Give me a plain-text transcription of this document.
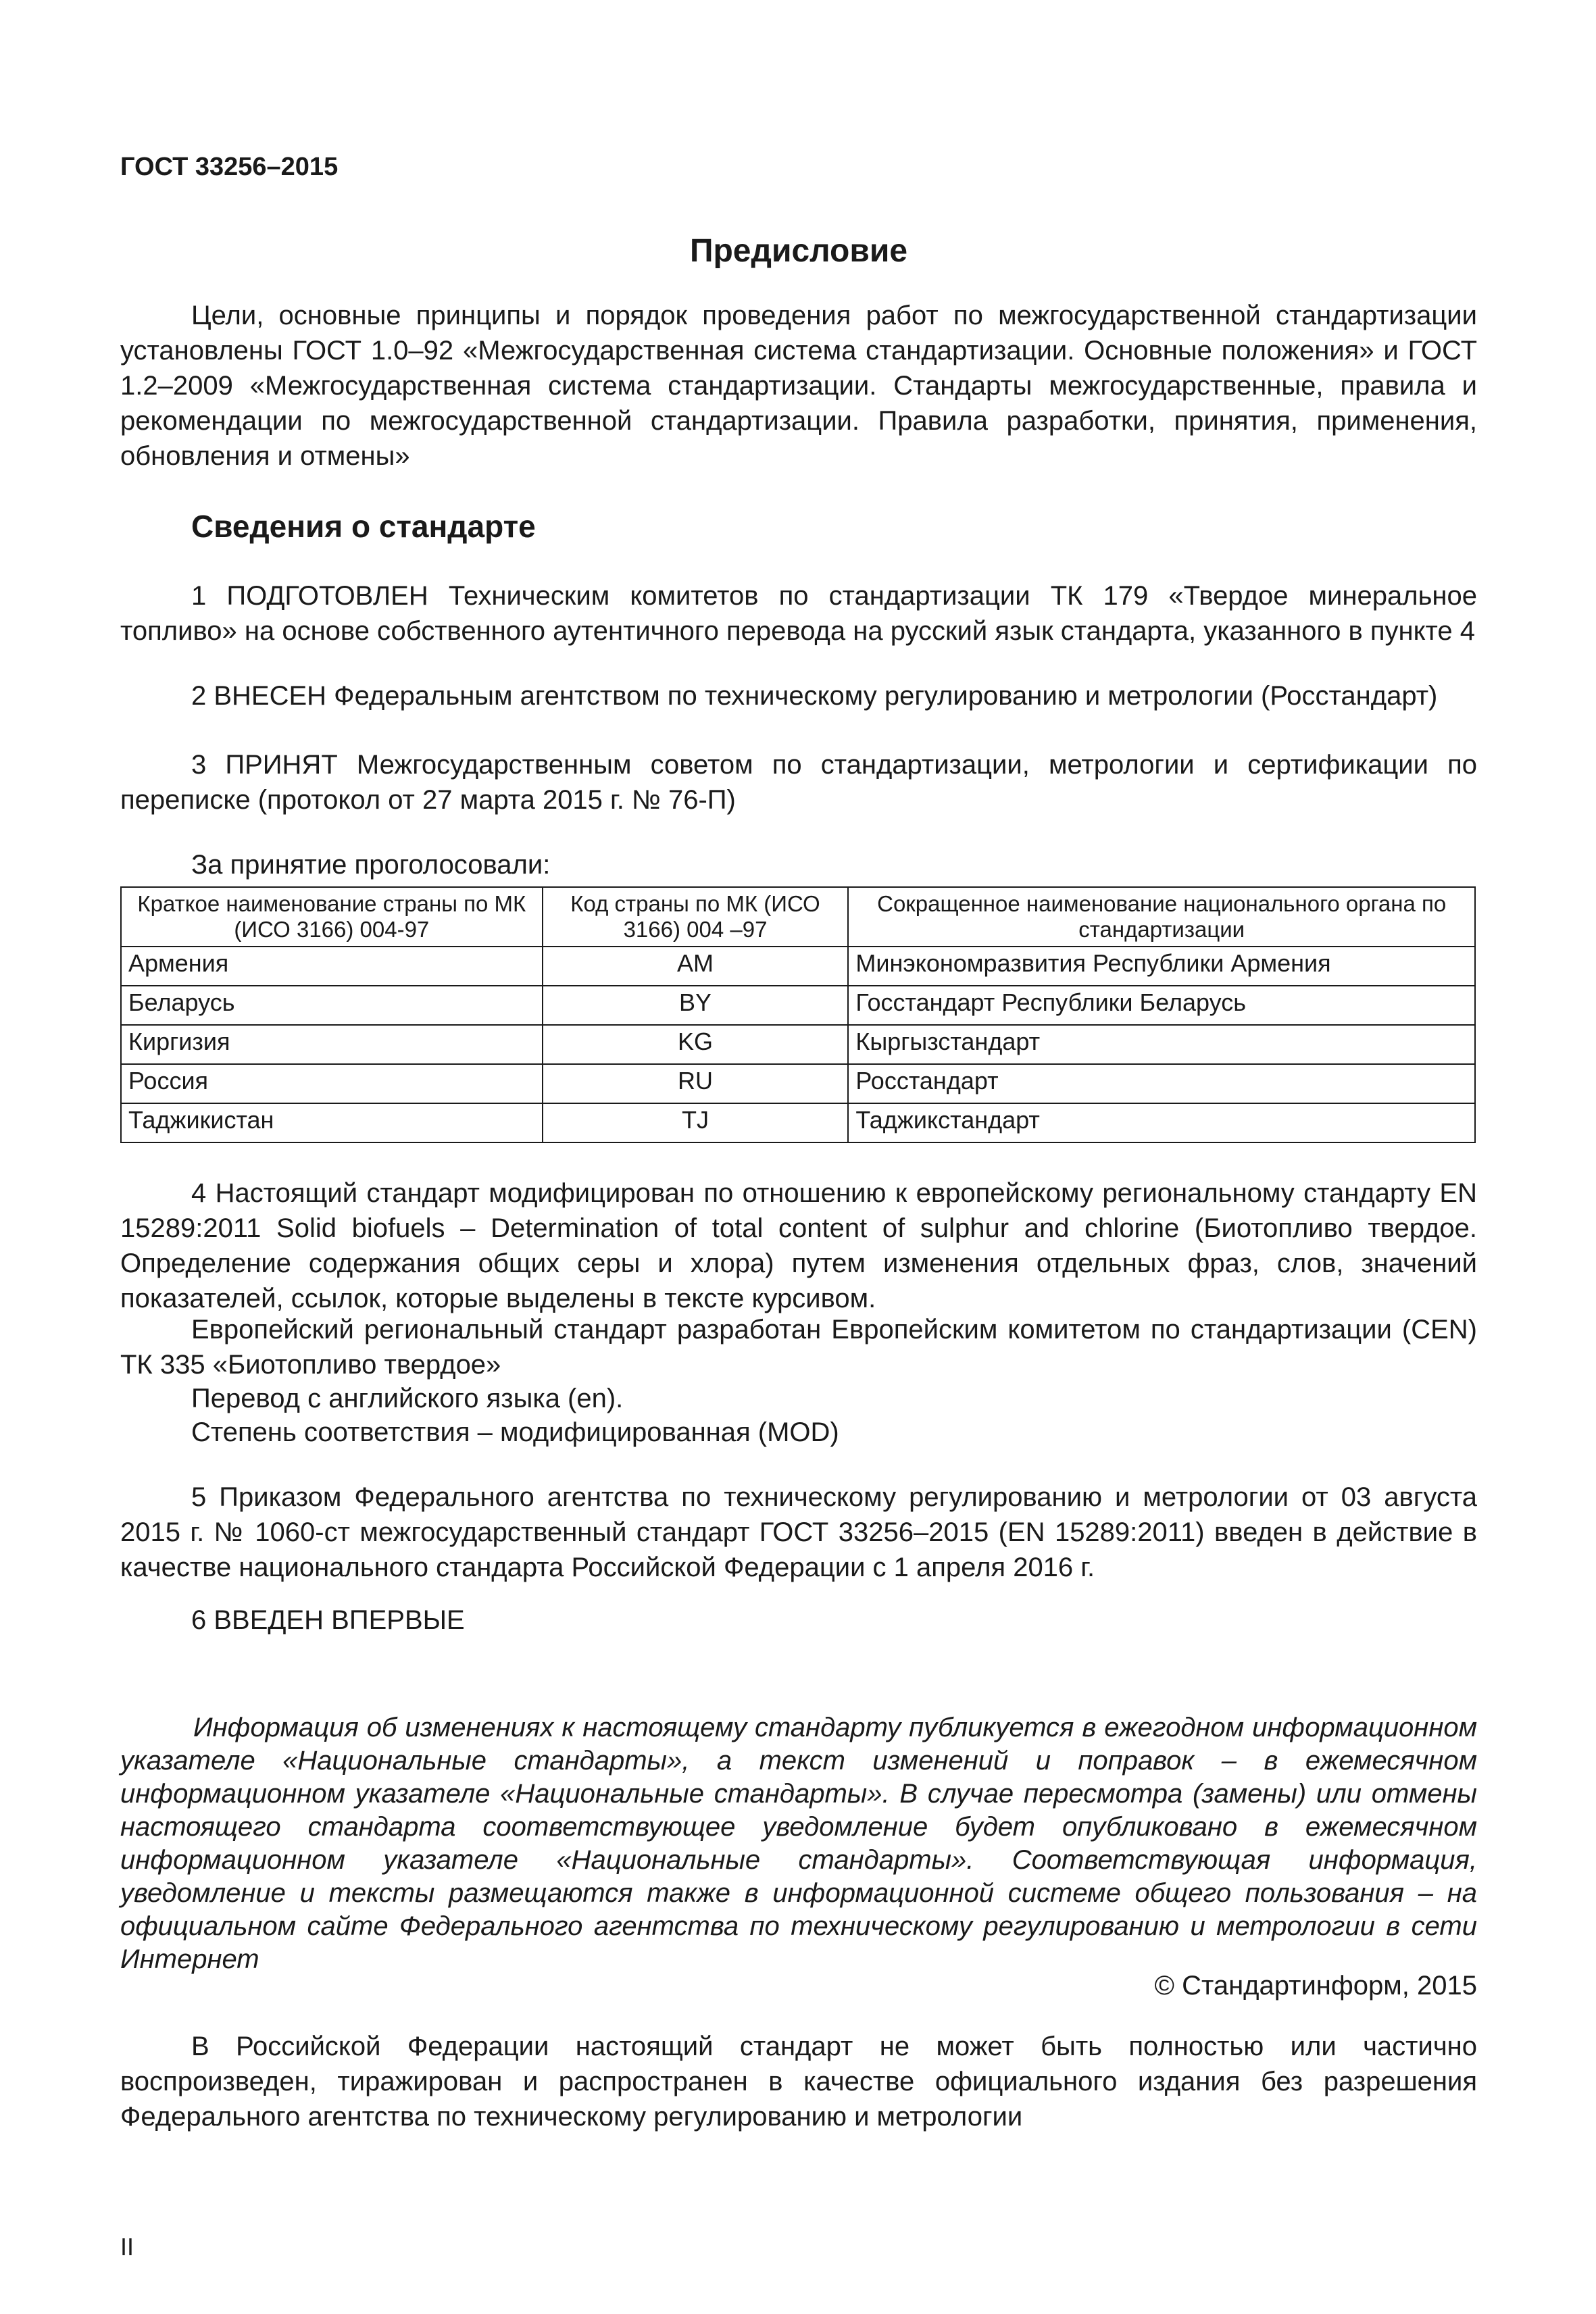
ГОСТ 33256–2015
Предисловие

Цели, основные принципы и порядок проведения работ по межгосударственной стандартизации установлены ГОСТ 1.0–92 «Межгосударственная система стандартизации. Основные положения» и ГОСТ 1.2–2009 «Межгосударственная система стандартизации. Стандарты межгосударственные, правила и рекомендации по межгосударственной стандартизации. Правила разработки, принятия, применения, обновления и отмены»

Сведения о стандарте

1 ПОДГОТОВЛЕН Техническим комитетов по стандартизации ТК 179 «Твердое минеральное топливо» на основе собственного аутентичного перевода на русский язык стандарта, указанного в пункте 4

2 ВНЕСЕН Федеральным агентством по техническому регулированию и метрологии (Росстандарт)

3 ПРИНЯТ Межгосударственным советом по стандартизации, метрологии и сертификации по переписке (протокол от 27 марта 2015 г. № 76-П)

За принятие проголосовали:

Краткое наименование страны по МК (ИСО 3166) 004-97	Код страны по МК (ИСО 3166) 004 –97	Сокращенное наименование национального органа по стандартизации
Армения	AM	Минэкономразвития Республики Армения
Беларусь	BY	Госстандарт Республики Беларусь
Киргизия	KG	Кыргызстандарт
Россия	RU	Росстандарт
Таджикистан	TJ	Таджикстандарт

4 Настоящий стандарт модифицирован по отношению к европейскому региональному стандарту EN 15289:2011 Solid biofuels – Determination of total content of sulphur and chlorine (Биотопливо твердое. Определение содержания общих серы и хлора) путем изменения отдельных фраз, слов, значений показателей, ссылок, которые выделены в тексте курсивом.

Европейский региональный стандарт разработан Европейским комитетом по стандартизации (CEN) ТК 335 «Биотопливо твердое»

Перевод с английского языка (en).

Степень соответствия – модифицированная (MOD)

5 Приказом Федерального агентства по техническому регулированию и метрологии от 03 августа 2015 г. № 1060-ст межгосударственный стандарт ГОСТ 33256–2015 (EN 15289:2011) введен в действие в качестве национального стандарта Российской Федерации с 1 апреля 2016 г.

6 ВВЕДЕН ВПЕРВЫЕ

Информация об изменениях к настоящему стандарту публикуется в ежегодном информационном указателе «Национальные стандарты», а текст изменений и поправок – в ежемесячном информационном указателе «Национальные стандарты». В случае пересмотра (замены) или отмены настоящего стандарта соответствующее уведомление будет опубликовано в ежемесячном информационном указателе «Национальные стандарты». Соответствующая информация, уведомление и тексты размещаются также в информационной системе общего пользования – на официальном сайте Федерального агентства по техническому регулированию и метрологии в сети Интернет

© Стандартинформ, 2015

В Российской Федерации настоящий стандарт не может быть полностью или частично воспроизведен, тиражирован и распространен в качестве официального издания без разрешения Федерального агентства по техническому регулированию и метрологии

II
